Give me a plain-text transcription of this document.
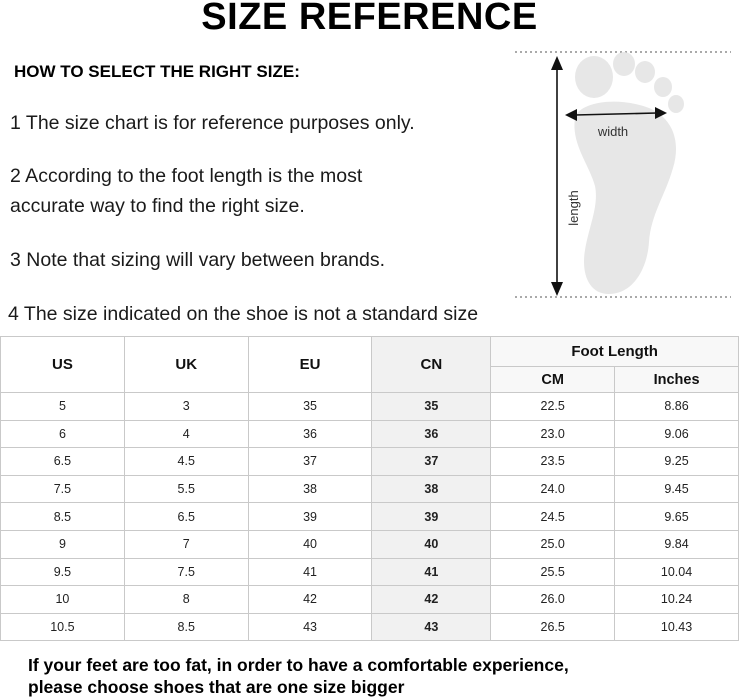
SIZE REFERENCE
HOW TO SELECT THE RIGHT SIZE:
1 The size chart is for reference purposes only.
2 According to the foot length is the most
accurate way to find the right size.
3 Note that sizing will vary between brands.
4 The size indicated on the shoe is not a standard size
length
width
US	UK	EU	CN	Foot Length	
				CM	Inches
5	3	35	35	22.5	8.86
6	4	36	36	23.0	9.06
6.5	4.5	37	37	23.5	9.25
7.5	5.5	38	38	24.0	9.45
8.5	6.5	39	39	24.5	9.65
9	7	40	40	25.0	9.84
9.5	7.5	41	41	25.5	10.04
10	8	42	42	26.0	10.24
10.5	8.5	43	43	26.5	10.43
If your feet are too fat, in order to have a comfortable experience,
please choose shoes that are one size bigger
